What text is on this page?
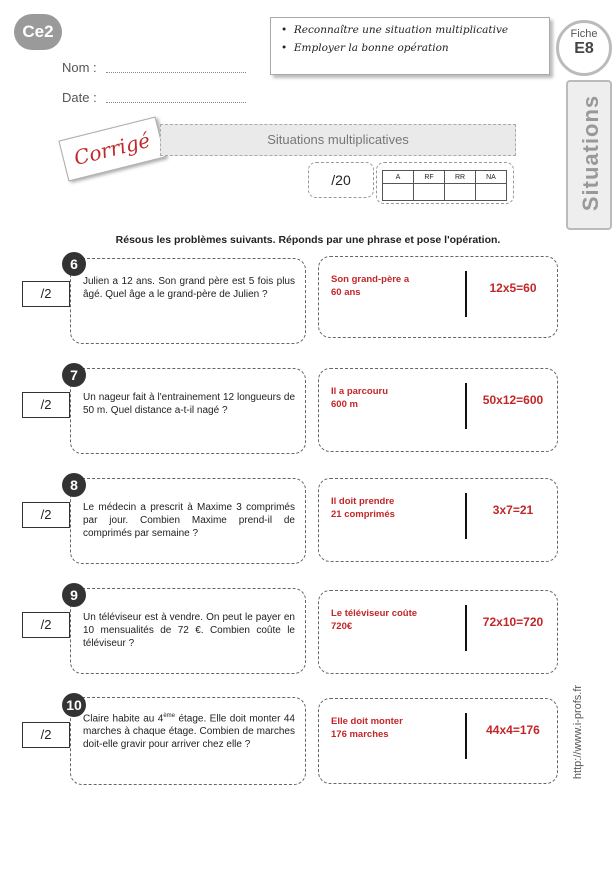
Ce2
Nom :
Date :
•  Reconnaître une situation multiplicative
•  Employer la bonne opération
Fiche
E8
Situations
Corrigé	Situations multiplicatives
/20	A	RF	RR	NA

Résous les problèmes suivants. Réponds par une phrase et pose l'opération.
/2
Julien a 12 ans. Son grand père est 5 fois plus âgé. Quel âge a le grand-père de Julien ?
6
Son grand-père a
60 ans	12x5=60
/2	Un nageur fait à l'entrainement 12 longueurs de 50 m. Quel distance a-t-il nagé ?
7
Il a parcouru
600 m	50x12=600
/2	Le médecin a prescrit à Maxime 3 comprimés par jour. Combien Maxime prend-il de comprimés par semaine ?
8
Il doit prendre
21 comprimés	3x7=21
/2	Un téléviseur est à vendre. On peut le payer en 10 mensualités de 72 €. Combien coûte le téléviseur ?
9
Le téléviseur coûte
720€	72x10=720
/2
Claire habite au 4ème étage. Elle doit monter 44 marches à chaque étage. Combien de marches doit-elle gravir pour arriver chez elle ?
10
Elle doit monter
176 marches	44x4=176	http://www.i-profs.fr
